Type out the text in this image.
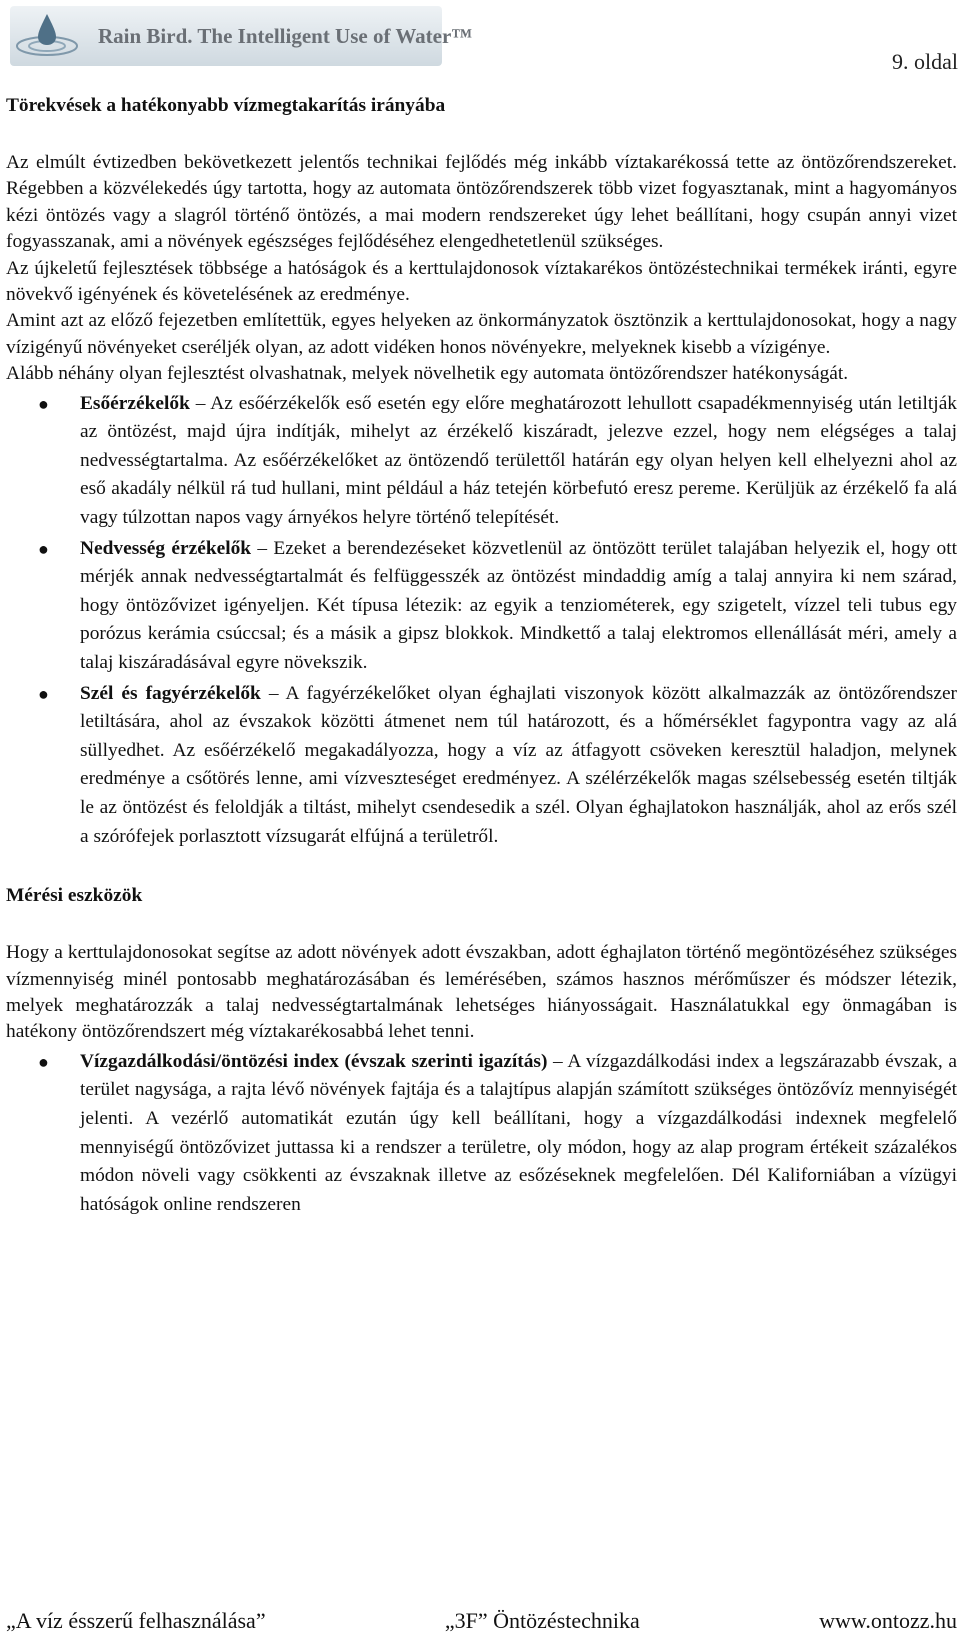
Rain Bird. The Intelligent Use of Water™
9. oldal
Törekvések a hatékonyabb vízmegtakarítás irányába

Az elmúlt évtizedben bekövetkezett jelentős technikai fejlődés még inkább víztakarékossá tette az öntözőrendszereket. Régebben a közvélekedés úgy tartotta, hogy az automata öntözőrendszerek több vizet fogyasztanak, mint a hagyományos kézi öntözés vagy a slagról történő öntözés, a mai modern rendszereket úgy lehet beállítani, hogy csupán annyi vizet fogyasszanak, ami a növények egészséges fejlődéséhez elengedhetetlenül szükséges.

Az újkeletű fejlesztések többsége a hatóságok és a kerttulajdonosok víztakarékos öntözéstechnikai termékek iránti, egyre növekvő igényének és követelésének az eredménye.

Amint azt az előző fejezetben említettük, egyes helyeken az önkormányzatok ösztönzik a kerttulajdonosokat, hogy a nagy vízigényű növényeket cseréljék olyan, az adott vidéken honos növényekre, melyeknek kisebb a vízigénye.

Alább néhány olyan fejlesztést olvashatnak, melyek növelhetik egy automata öntözőrendszer hatékonyságát.

● Esőérzékelők – Az esőérzékelők eső esetén egy előre meghatározott lehullott csapadékmennyiség után letiltják az öntözést, majd újra indítják, mihelyt az érzékelő kiszáradt, jelezve ezzel, hogy nem elégséges a talaj nedvességtartalma. Az esőérzékelőket az öntözendő területtől határán egy olyan helyen kell elhelyezni ahol az eső akadály nélkül rá tud hullani, mint például a ház tetején körbefutó eresz pereme. Kerüljük az érzékelő fa alá vagy túlzottan napos vagy árnyékos helyre történő telepítését.
● Nedvesség érzékelők – Ezeket a berendezéseket közvetlenül az öntözött terület talajában helyezik el, hogy ott mérjék annak nedvességtartalmát és felfüggesszék az öntözést mindaddig amíg a talaj annyira ki nem szárad, hogy öntözővizet igényeljen. Két típusa létezik: az egyik a tenziométerek, egy szigetelt, vízzel teli tubus egy porózus kerámia csúccsal; és a másik a gipsz blokkok. Mindkettő a talaj elektromos ellenállását méri, amely a talaj kiszáradásával egyre növekszik.
● Szél és fagyérzékelők – A fagyérzékelőket olyan éghajlati viszonyok között alkalmazzák az öntözőrendszer letiltására, ahol az évszakok közötti átmenet nem túl határozott, és a hőmérséklet fagypontra vagy az alá süllyedhet. Az esőérzékelő megakadályozza, hogy a víz az átfagyott csöveken keresztül haladjon, melynek eredménye a csőtörés lenne, ami vízveszteséget eredményez. A szélérzékelők magas szélsebesség esetén tiltják le az öntözést és feloldják a tiltást, mihelyt csendesedik a szél. Olyan éghajlatokon használják, ahol az erős szél a szórófejek porlasztott vízsugarát elfújná a területről.
Mérési eszközök

Hogy a kerttulajdonosokat segítse az adott növények adott évszakban, adott éghajlaton történő megöntözéséhez szükséges vízmennyiség minél pontosabb meghatározásában és lemérésében, számos hasznos mérőműszer és módszer létezik, melyek meghatározzák a talaj nedvességtartalmának lehetséges hiányosságait. Használatukkal egy önmagában is hatékony öntözőrendszert még víztakarékosabbá lehet tenni.

● Vízgazdálkodási/öntözési index (évszak szerinti igazítás) – A vízgazdálkodási index a legszárazabb évszak, a terület nagysága, a rajta lévő növények fajtája és a talajtípus alapján számított szükséges öntözővíz mennyiségét jelenti. A vezérlő automatikát ezután úgy kell beállítani, hogy a vízgazdálkodási indexnek megfelelő mennyiségű öntözővizet juttassa ki a rendszer a területre, oly módon, hogy az alap program értékeit százalékos módon növeli vagy csökkenti az évszaknak illetve az esőzéseknek megfelelően. Dél Kaliforniában a vízügyi hatóságok online rendszeren
„A víz ésszerű felhasználása”	„3F” Öntözéstechnika	www.ontozz.hu
